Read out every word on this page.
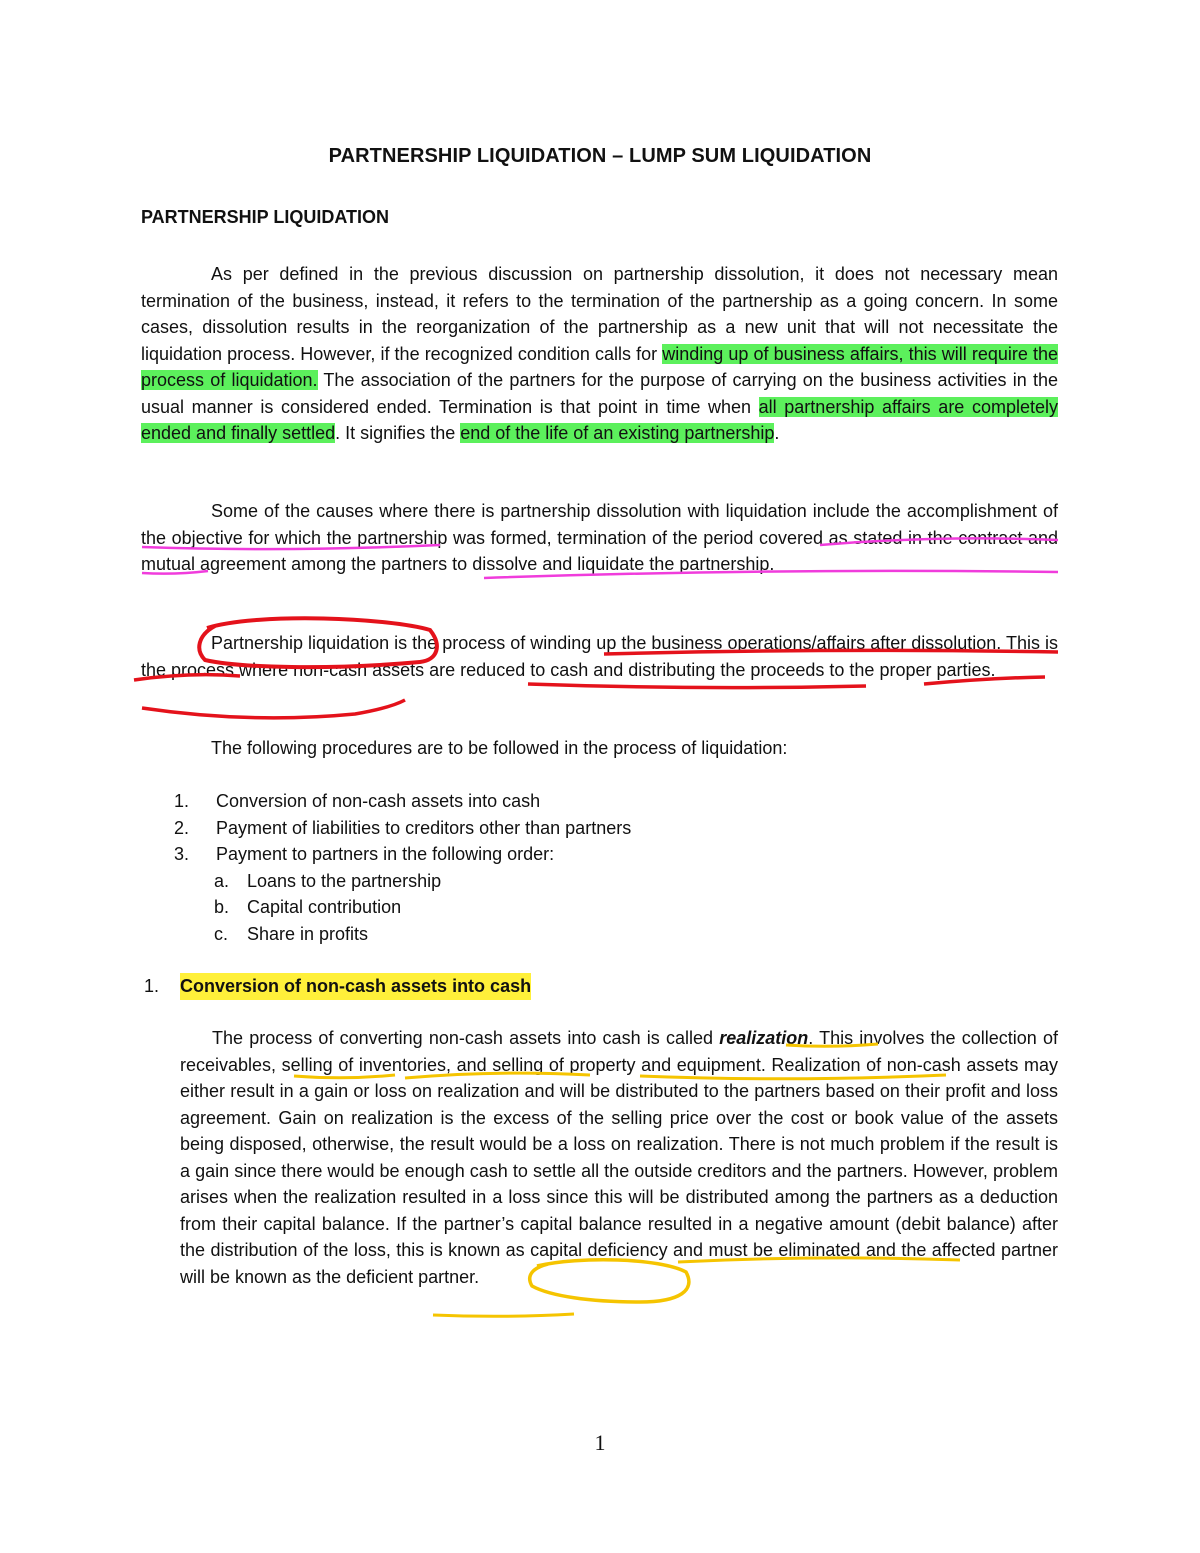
PARTNERSHIP LIQUIDATION – LUMP SUM LIQUIDATION
PARTNERSHIP LIQUIDATION
As per defined in the previous discussion on partnership dissolution, it does not necessary mean termination of the business, instead, it refers to the termination of the partnership as a going concern. In some cases, dissolution results in the reorganization of the partnership as a new unit that will not necessitate the liquidation process. However, if the recognized condition calls for winding up of business affairs, this will require the process of liquidation. The association of the partners for the purpose of carrying on the business activities in the usual manner is considered ended. Termination is that point in time when all partnership affairs are completely ended and finally settled. It signifies the end of the life of an existing partnership.
Some of the causes where there is partnership dissolution with liquidation include the accomplishment of the objective for which the partnership was formed, termination of the period covered as stated in the contract and mutual agreement among the partners to dissolve and liquidate the partnership.
Partnership liquidation is the process of winding up the business operations/affairs after dissolution. This is the process where non-cash assets are reduced to cash and distributing the proceeds to the proper parties.
The following procedures are to be followed in the process of liquidation:
1. Conversion of non-cash assets into cash
2. Payment of liabilities to creditors other than partners
3. Payment to partners in the following order:
a. Loans to the partnership
b. Capital contribution
c. Share in profits
1. Conversion of non-cash assets into cash
The process of converting non-cash assets into cash is called realization. This involves the collection of receivables, selling of inventories, and selling of property and equipment. Realization of non-cash assets may either result in a gain or loss on realization and will be distributed to the partners based on their profit and loss agreement. Gain on realization is the excess of the selling price over the cost or book value of the assets being disposed, otherwise, the result would be a loss on realization. There is not much problem if the result is a gain since there would be enough cash to settle all the outside creditors and the partners. However, problem arises when the realization resulted in a loss since this will be distributed among the partners as a deduction from their capital balance. If the partner’s capital balance resulted in a negative amount (debit balance) after the distribution of the loss, this is known as capital deficiency and must be eliminated and the affected partner will be known as the deficient partner.
1
